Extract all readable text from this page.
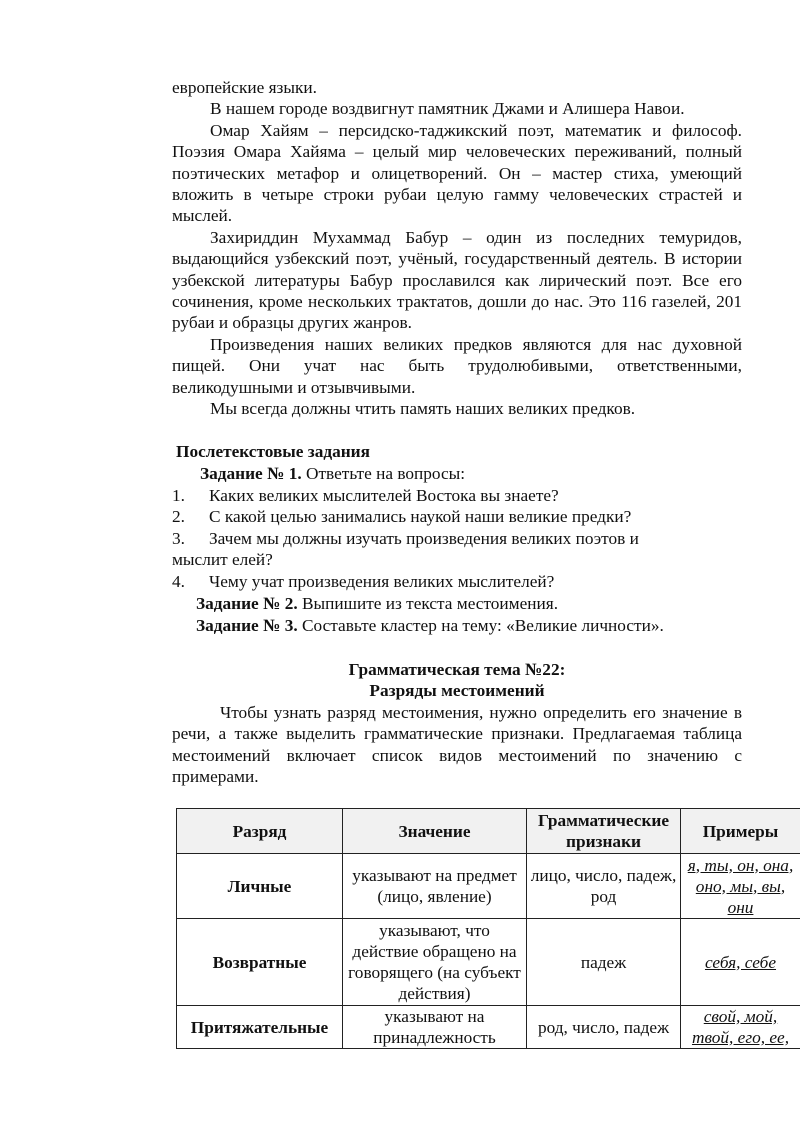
европейские языки.

В нашем городе воздвигнут памятник Джами и Алишера Навои.

Омар Хайям – персидско-таджикский поэт, математик и философ. Поэзия Омара Хайяма – целый мир человеческих переживаний, полный поэтических метафор и олицетворений. Он – мастер стиха, умеющий вложить в четыре строки рубаи целую гамму человеческих страстей и мыслей.

Захириддин Мухаммад Бабур – один из последних темуридов, выдающийся узбекский поэт, учёный, государственный деятель. В истории узбекской литературы Бабур прославился как лирический поэт. Все его сочинения, кроме нескольких трактатов, дошли до нас. Это 116 газелей, 201 рубаи и образцы других жанров.

Произведения наших великих предков являются для нас духовной пищей. Они учат нас быть трудолюбивыми, ответственными, великодушными и отзывчивыми.

Мы всегда должны чтить память наших великих предков.

Послетекстовые задания
Задание № 1. Ответьте на вопросы:
1. Каких великих мыслителей Востока вы знаете?
2. С какой целью занимались наукой наши великие предки?
3. Зачем мы должны изучать произведения великих поэтов и
мыслит елей?
4. Чему учат произведения великих мыслителей?
Задание № 2. Выпишите из текста местоимения.
Задание № 3. Составьте кластер на тему: «Великие личности».
Грамматическая тема №22:
Разряды местоимений
Чтобы узнать разряд местоимения, нужно определить его значение в речи, а также выделить грамматические признаки. Предлагаемая таблица местоимений включает список видов местоимений по значению с примерами.
Разряд	Значение	Грамматические признаки	Примеры
Личные	указывают на предмет (лицо, явление)	лицо, число, падеж, род	я, ты, он, она, оно, мы, вы, они
Возвратные	указывают, что действие обращено на говорящего (на субъект действия)	падеж	себя, себе
Притяжательные	указывают на принадлежность	род, число, падеж	свой, мой, твой, его, ее,
